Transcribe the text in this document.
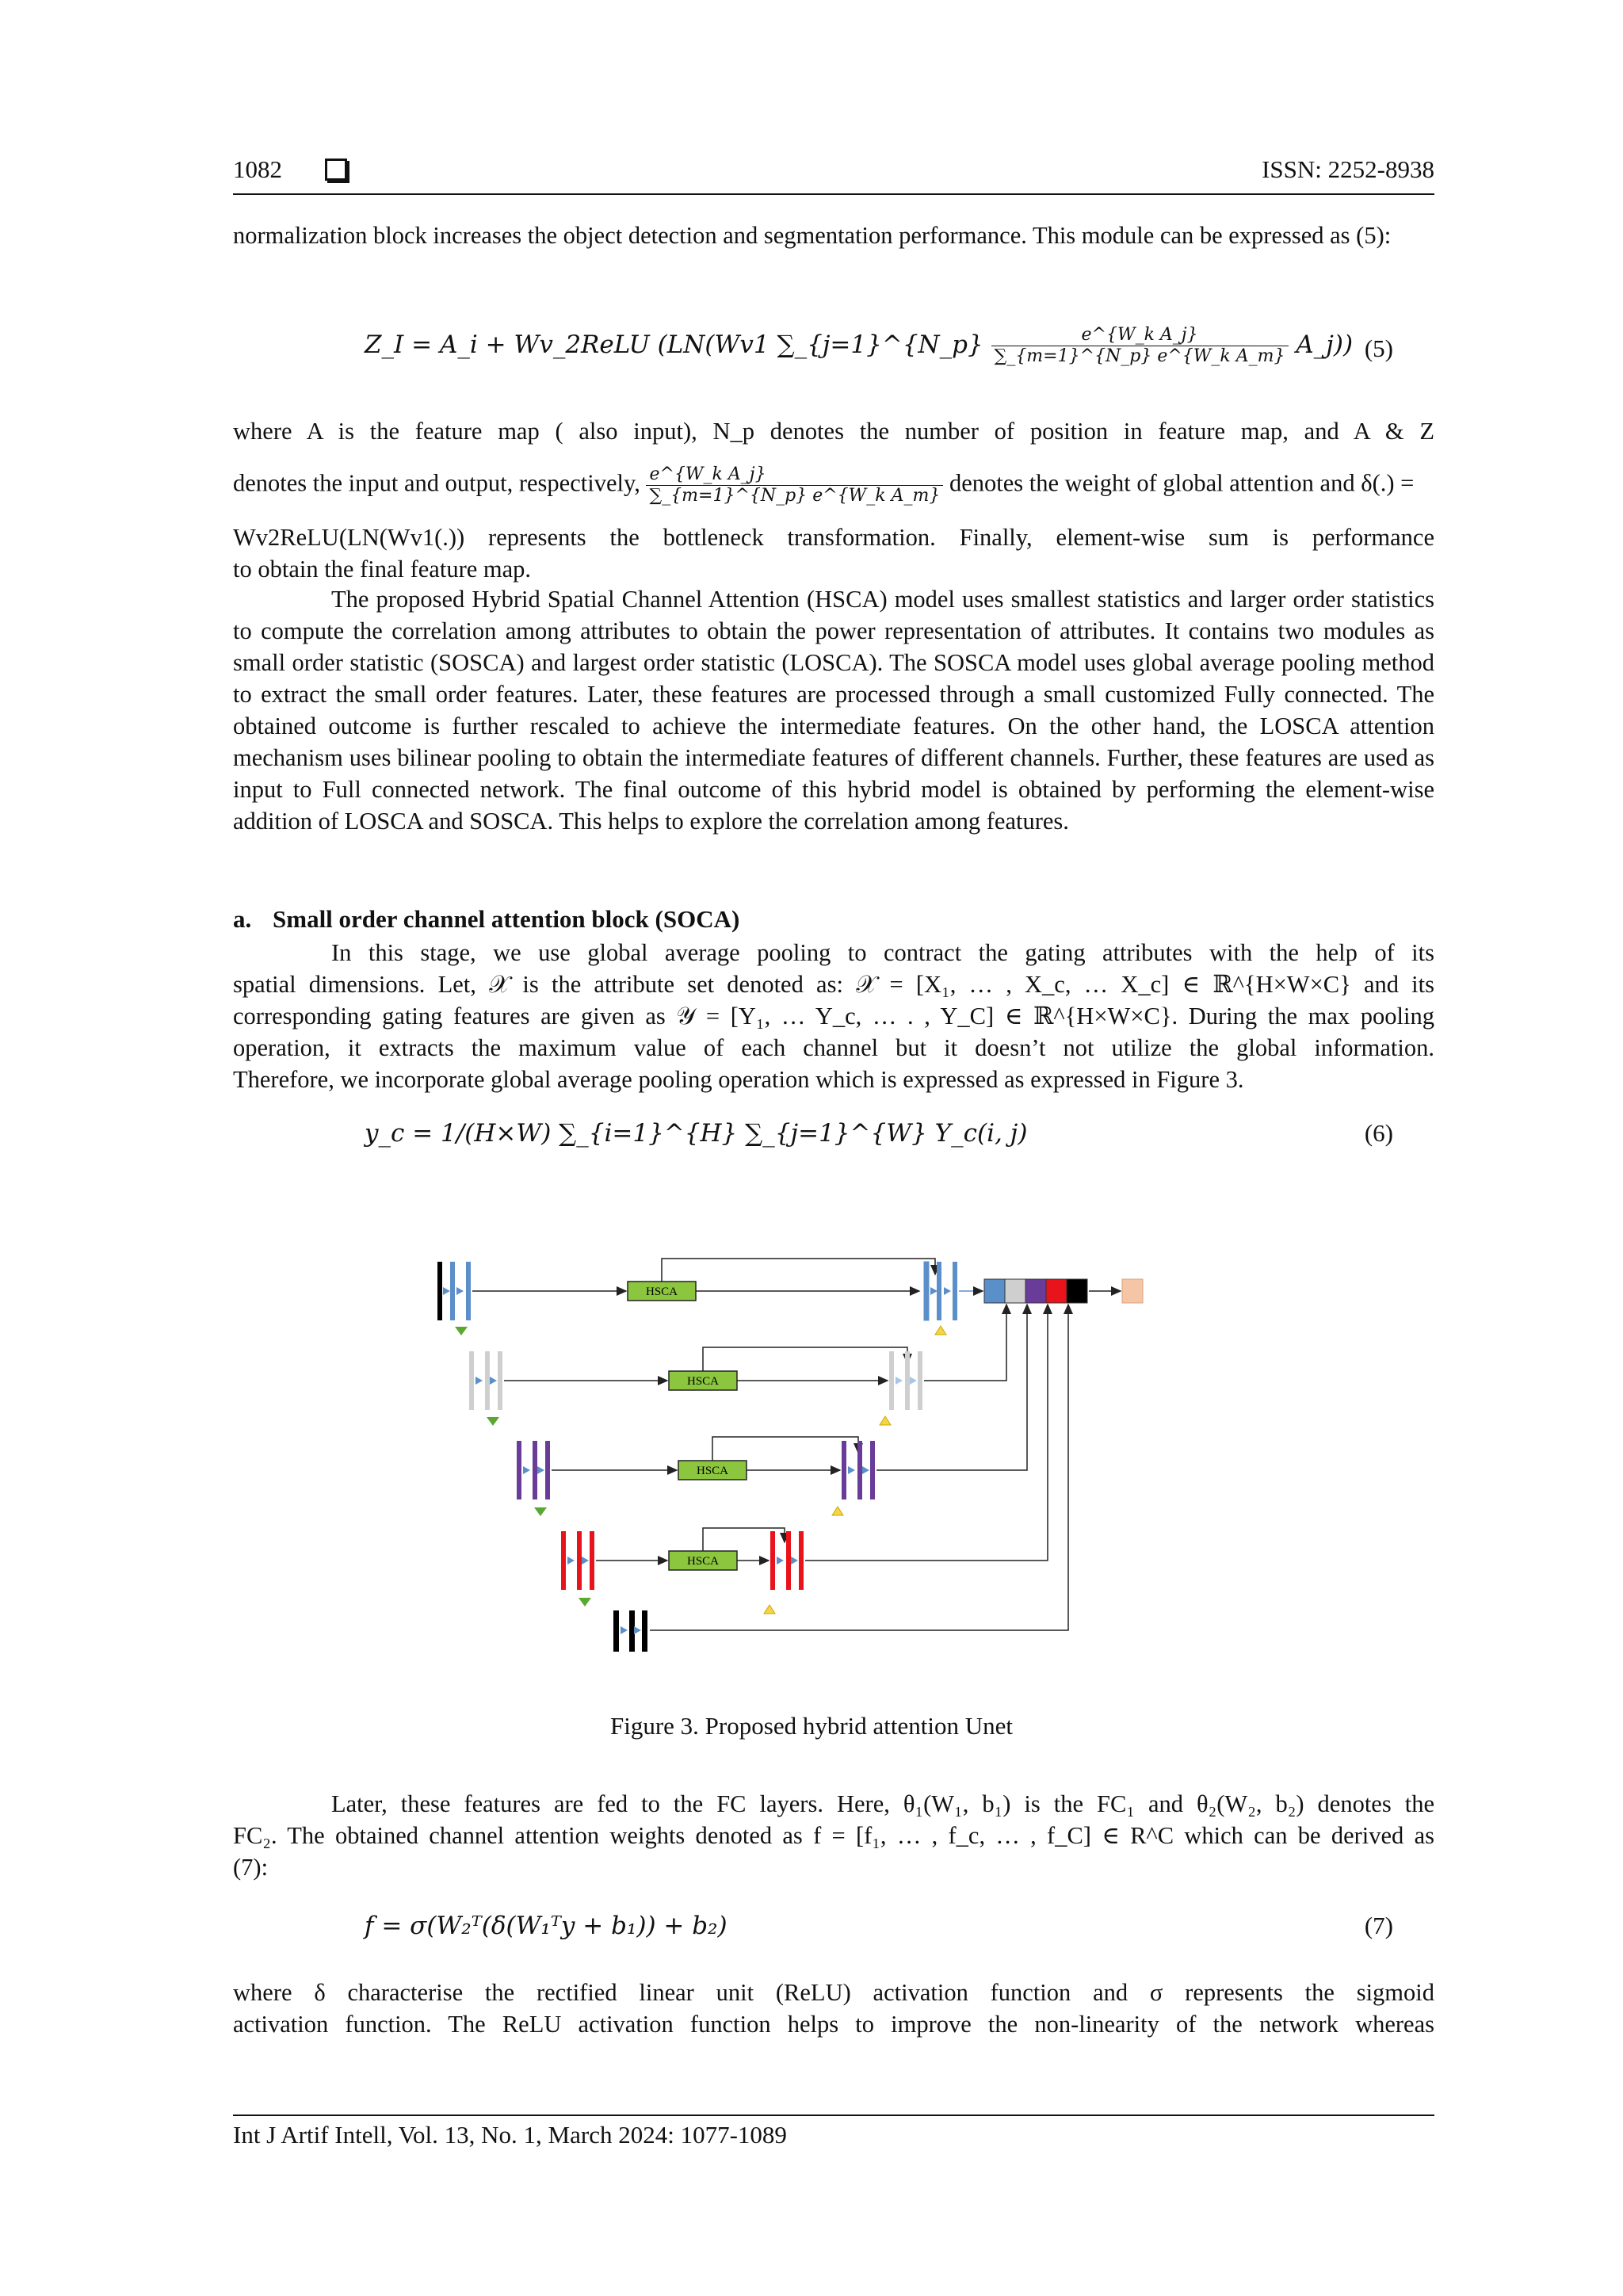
1082	ISSN: 2252-8938
normalization block increases the object detection and segmentation performance. This module can be expressed as (5):
Z_I = A_i + Wv_2ReLU (LN(Wv1 ∑_{j=1}^{N_p} $\frac{\text{e\textasciicircum{}\{W\_k A\_j\}}}{\text{∑\_\{m=1\}\textasciicircum{}\{N\_p\} e\textasciicircum{}\{W\_k A\_m\}}}$ A_j)) (5)
where A is the feature map ( also input), N_p denotes the number of position in feature map, and A & Z
denotes the input and output, respectively, $\frac{\text{e\textasciicircum{}\{W\_k A\_j\}}}{\text{∑\_\{m=1\}\textasciicircum{}\{N\_p\} e\textasciicircum{}\{W\_k A\_m\}}}$ denotes the weight of global attention and δ(.) =
Wv2ReLU(LN(Wv1(.)) represents the bottleneck transformation. Finally, element-wise sum is performance
to obtain the final feature map.
The proposed Hybrid Spatial Channel Attention (HSCA) model uses smallest statistics and larger order statistics to compute the correlation among attributes to obtain the power representation of attributes. It contains two modules as small order statistic (SOSCA) and largest order statistic (LOSCA). The SOSCA model uses global average pooling method to extract the small order features. Later, these features are processed through a small customized Fully connected. The obtained outcome is further rescaled to achieve the intermediate features. On the other hand, the LOSCA attention mechanism uses bilinear pooling to obtain the intermediate features of different channels. Further, these features are used as input to Full connected network. The final outcome of this hybrid model is obtained by performing the element-wise addition of LOSCA and SOSCA. This helps to explore the correlation among features.
a. Small order channel attention block (SOCA)
In this stage, we use global average pooling to contract the gating attributes with the help of its
spatial dimensions. Let, 𝒳 is the attribute set denoted as: 𝒳 = [X₁, … , X_c, … X_c] ∈ ℝ^{H×W×C} and its
corresponding gating features are given as 𝒴 = [Y₁, … Y_c, … . , Y_C] ∈ ℝ^{H×W×C}. During the max pooling
operation, it extracts the maximum value of each channel but it doesn’t not utilize the global information.
Therefore, we incorporate global average pooling operation which is expressed as expressed in Figure 3.
y_c = 1/(H×W) ∑_{i=1}^{H} ∑_{j=1}^{W} Y_c(i, j)	(6)
HSCA
HSCA
HSCA
HSCA
Figure 3. Proposed hybrid attention Unet
Later, these features are fed to the FC layers. Here, θ₁(W₁, b₁) is the FC₁ and θ₂(W₂, b₂) denotes the
FC₂. The obtained channel attention weights denoted as f = [f₁, … , f_c, … , f_C] ∈ R^C which can be derived as
(7):
f = σ(W₂ᵀ(δ(W₁ᵀy + b₁)) + b₂)	(7)
where δ characterise the rectified linear unit (ReLU) activation function and σ represents the sigmoid
activation function. The ReLU activation function helps to improve the non-linearity of the network whereas
Int J Artif Intell, Vol. 13, No. 1, March 2024: 1077-1089
